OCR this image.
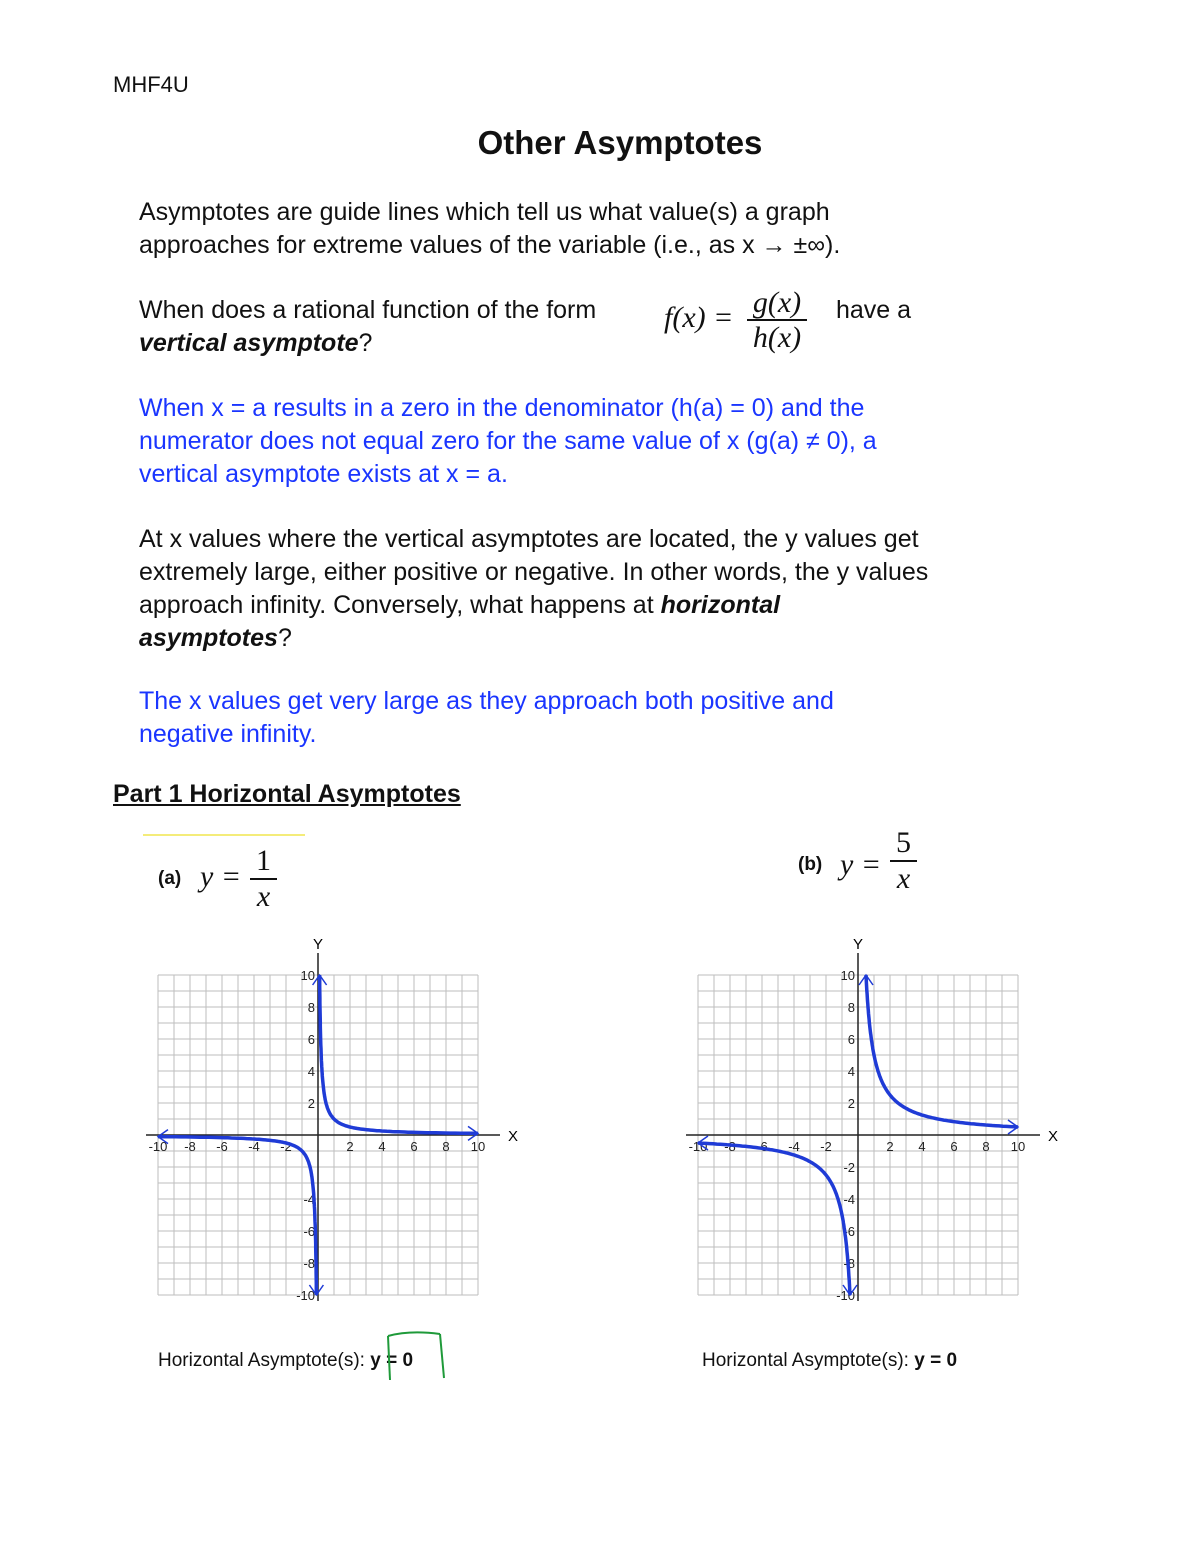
MHF4U
Other Asymptotes
Asymptotes are guide lines which tell us what value(s) a graph
approaches for extreme values of the variable (i.e., as x → ±∞).
When does a rational function of the form $f(x) = \frac{g(x)}{h(x)}$ have a
vertical asymptote?
When x = a results in a zero in the denominator (h(a) = 0) and the
numerator does not equal zero for the same value of x (g(a) ≠ 0), a
vertical asymptote exists at x = a.
At x values where the vertical asymptotes are located, the y values get
extremely large, either positive or negative. In other words, the y values
approach infinity. Conversely, what happens at horizontal
asymptotes?
The x values get very large as they approach both positive and
negative infinity.
Part 1 Horizontal Asymptotes
(a) $y = \frac{1}{x}$	(b) $y = \frac{5}{x}$
X
Y
-10 -8 -6 -4 -2	2 4 6 8 10
10
8
6
4
2
-4
-6
-8
-10
X
Y
-10 -8 -6 -4 -2	2 4 6 8 10
10
8
6
4
2
-2
-4
-6
-8
-10
Horizontal Asymptote(s): y = 0	Horizontal Asymptote(s): y = 0
